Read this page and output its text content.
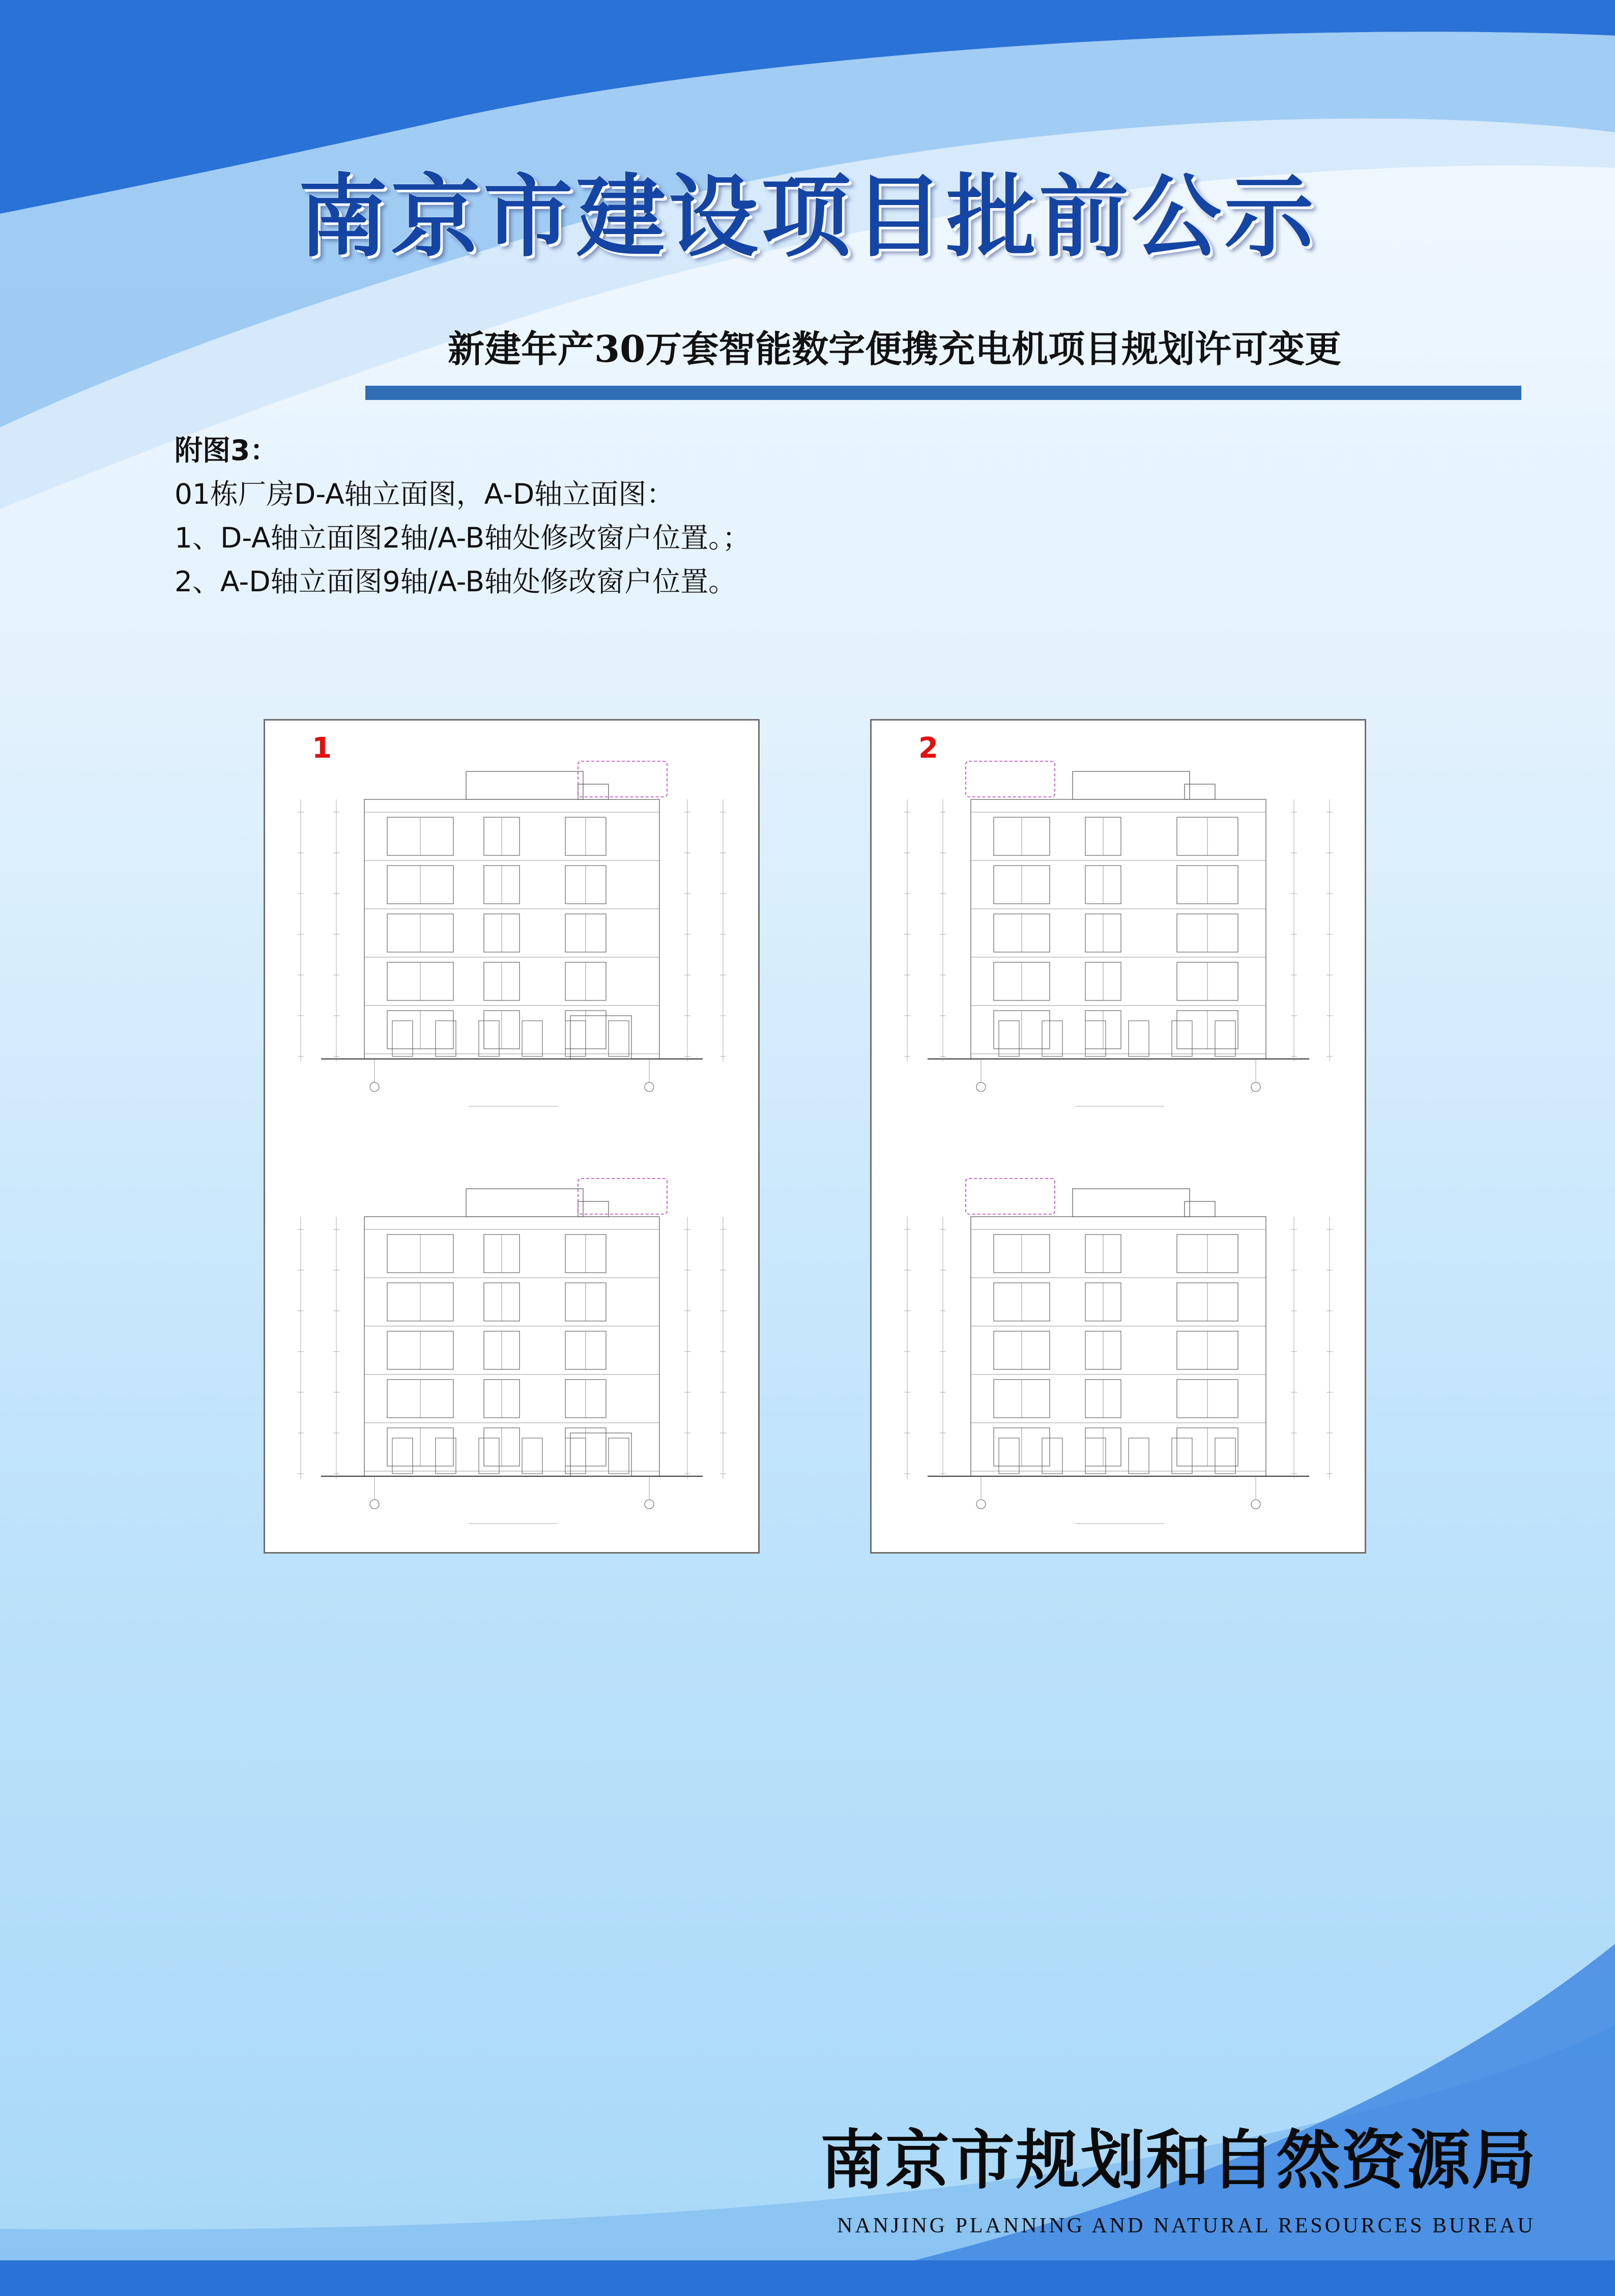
南京市建设项目批前公示
新建年产30万套智能数字便携充电机项目规划许可变更
附图3：
01栋厂房D-A轴立面图，A-D轴立面图：
1、D-A轴立面图2轴/A-B轴处修改窗户位置。；
2、A-D轴立面图9轴/A-B轴处修改窗户位置。
1	2
南京市规划和自然资源局
NANJING PLANNING AND NATURAL RESOURCES BUREAU
